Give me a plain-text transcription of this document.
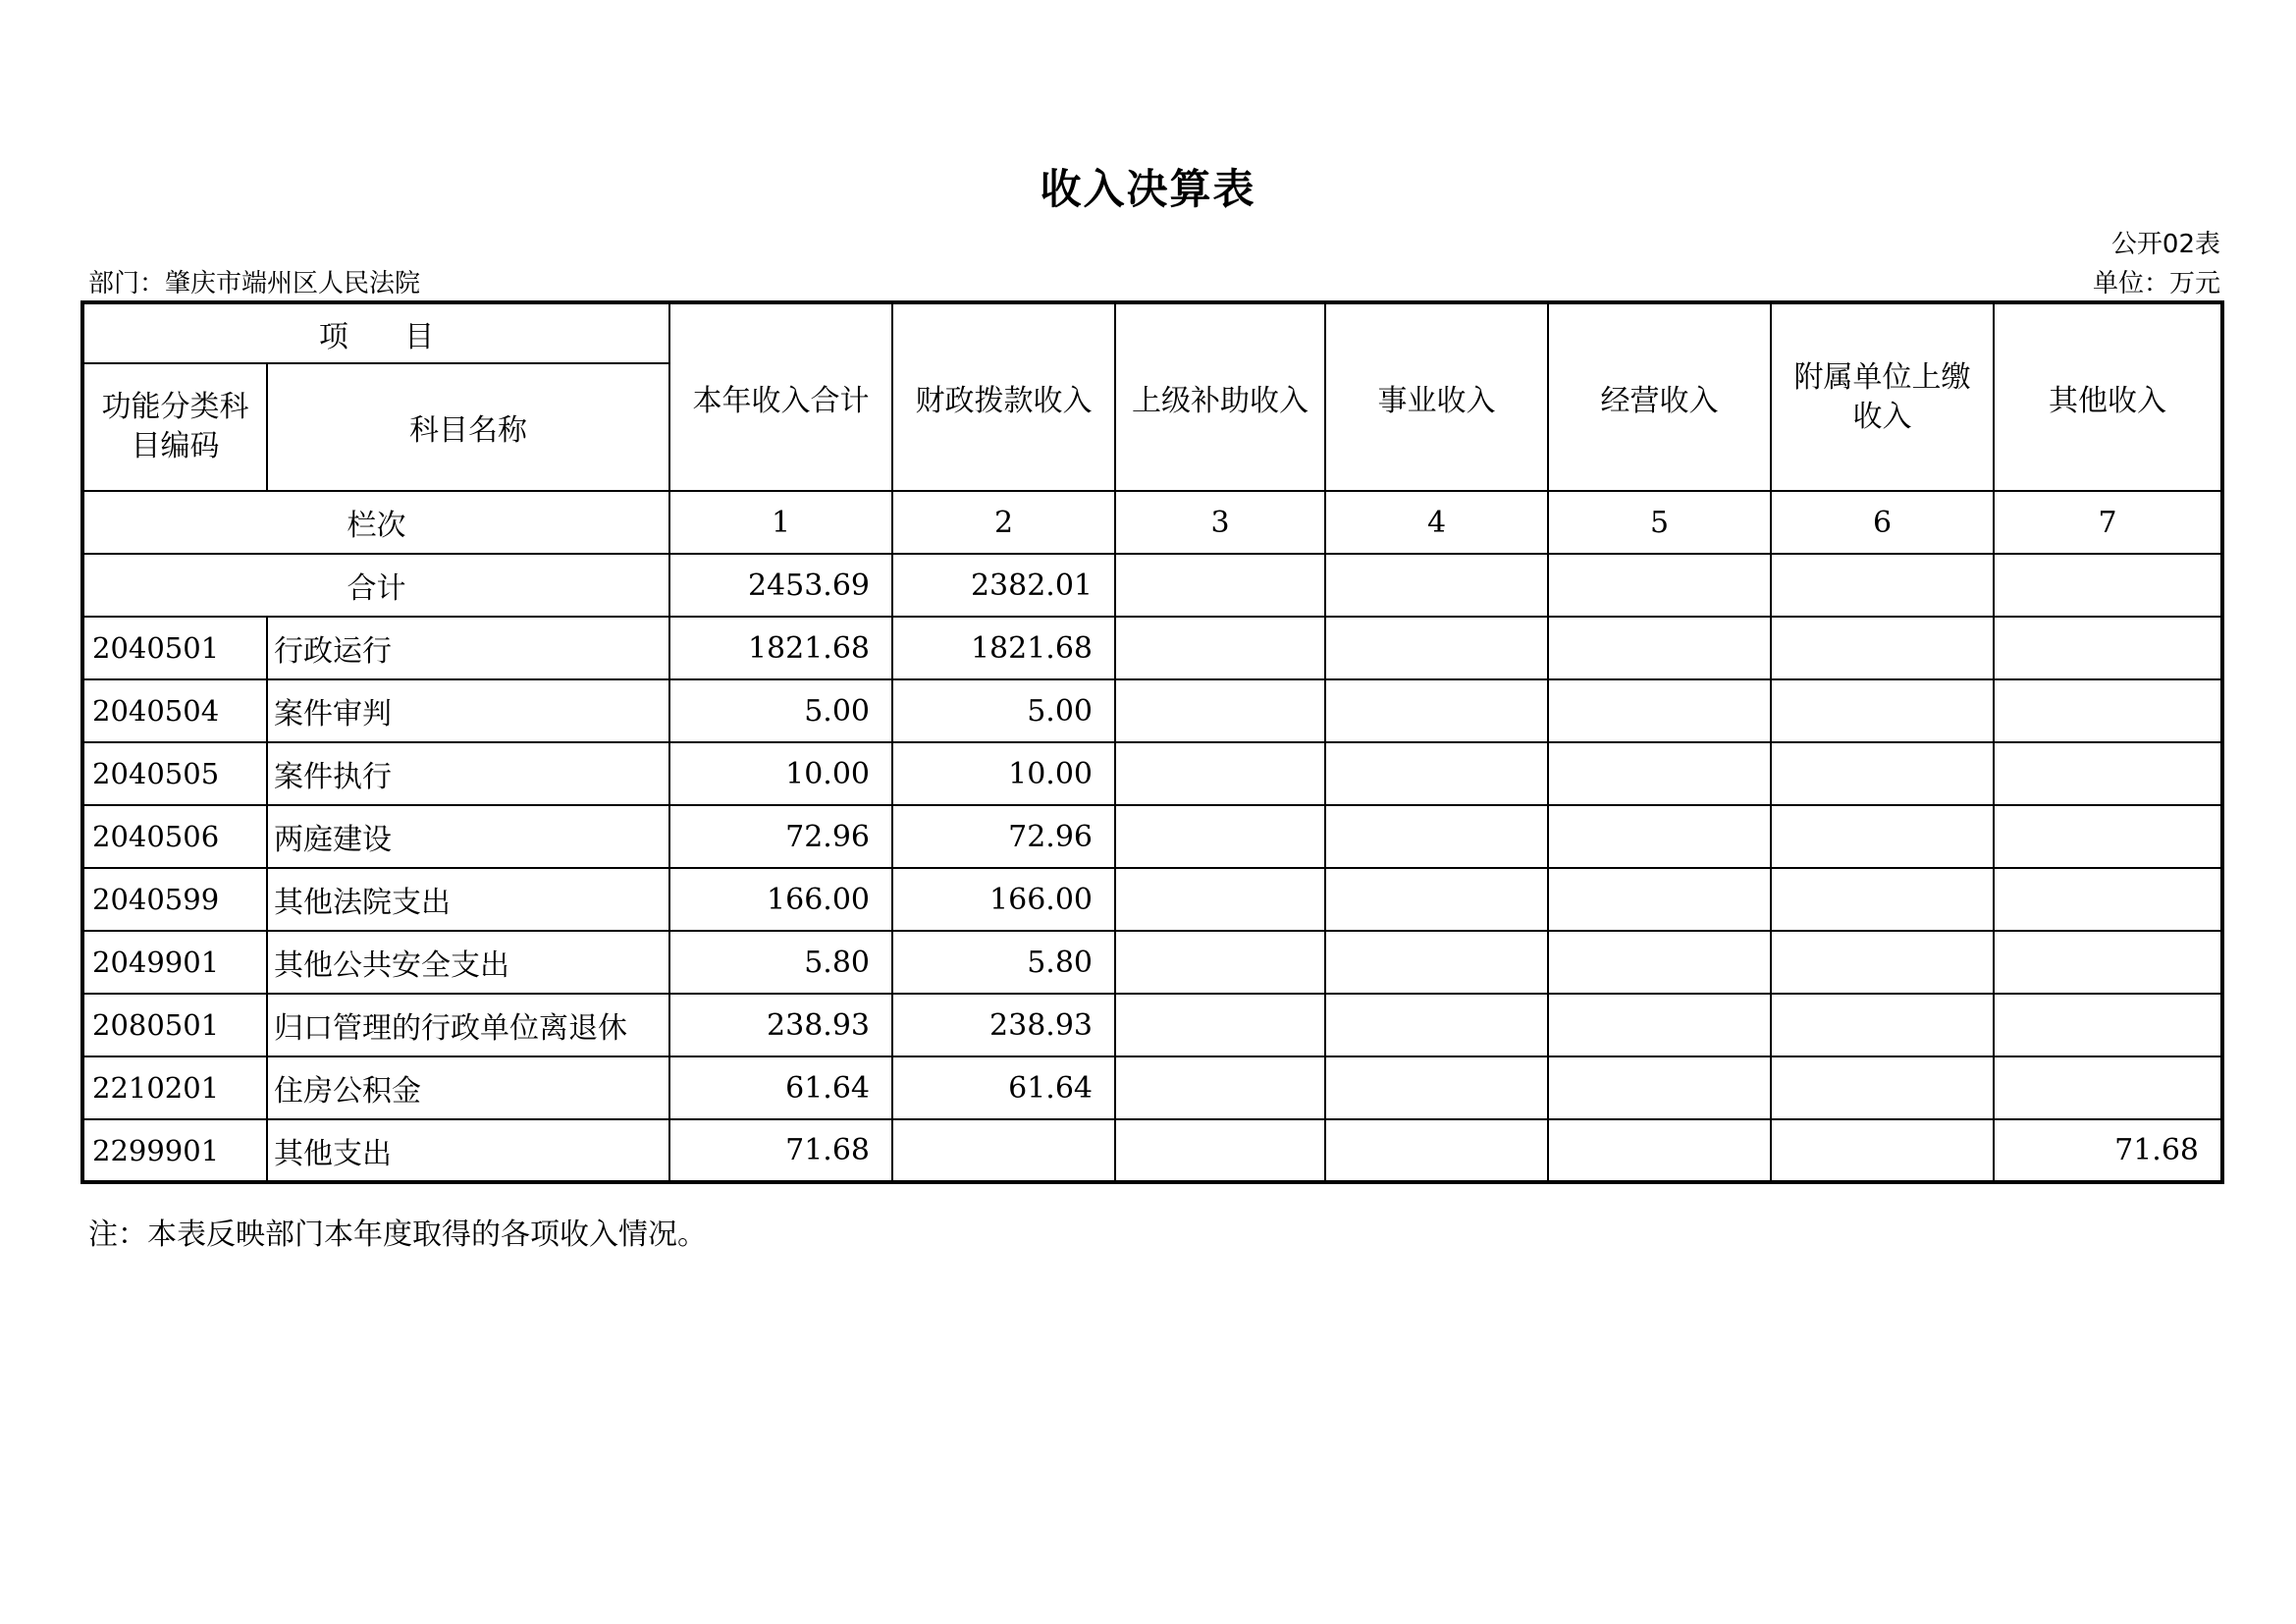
收入决算表
公开02表
部门：肇庆市端州区人民法院	单位：万元
项      目		本年收入合计	财政拨款收入	上级补助收入	事业收入	经营收入	附属单位上缴收入	其他收入
功能分类科目编码	科目名称							
栏次		1	2	3	4	5	6	7
合计		2453.69	2382.01					
2040501	行政运行	1821.68	1821.68					
2040504	案件审判	5.00	5.00					
2040505	案件执行	10.00	10.00					
2040506	两庭建设	72.96	72.96					
2040599	其他法院支出	166.00	166.00					
2049901	其他公共安全支出	5.80	5.80					
2080501	归口管理的行政单位离退休	238.93	238.93					
2210201	住房公积金	61.64	61.64					
2299901	其他支出	71.68						71.68
注：本表反映部门本年度取得的各项收入情况。
